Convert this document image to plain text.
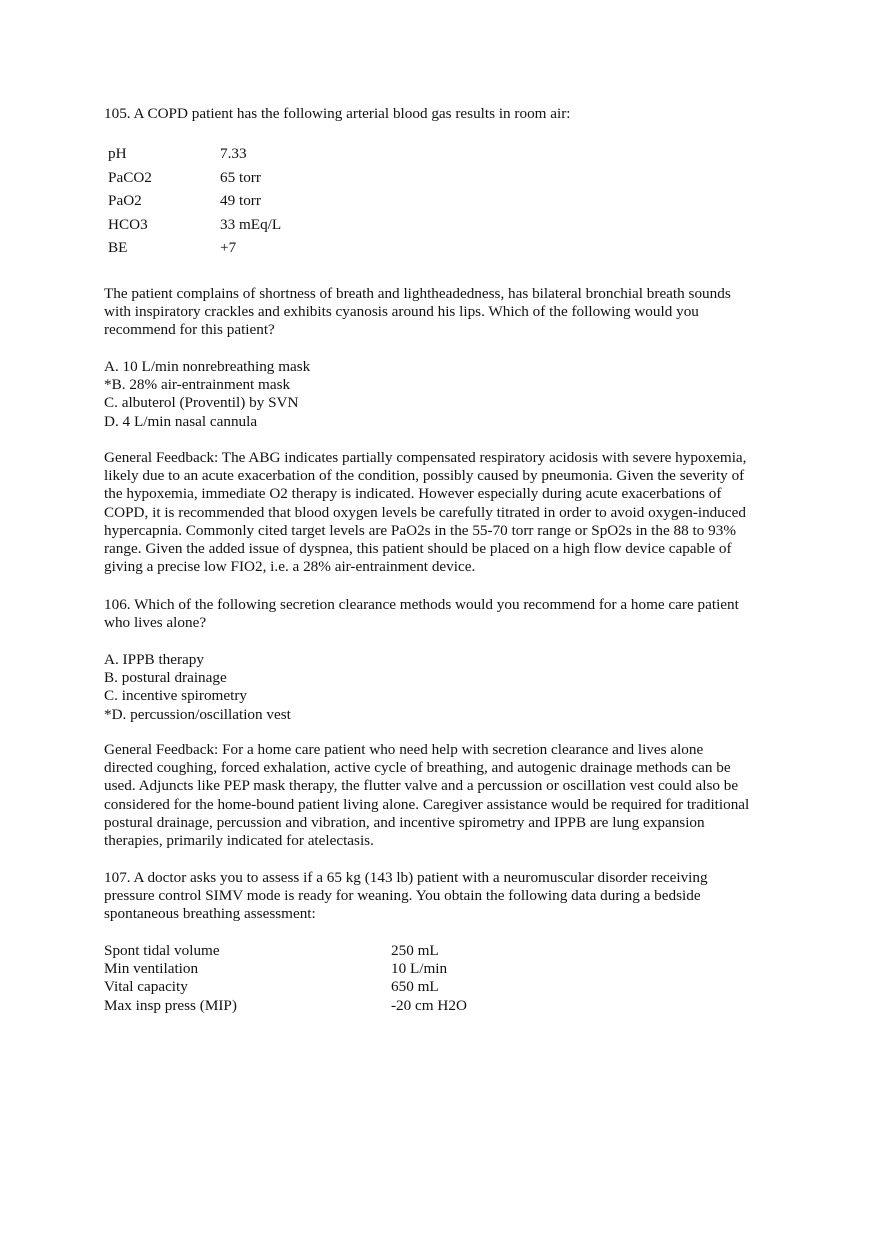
105. A COPD patient has the following arterial blood gas results in room air:

pH	7.33
PaCO2	65 torr
PaO2	49 torr
HCO3	33 mEq/L
BE	+7

The patient complains of shortness of breath and lightheadedness, has bilateral bronchial breath sounds

with inspiratory crackles and exhibits cyanosis around his lips. Which of the following would you

recommend for this patient?

A. 10 L/min nonrebreathing mask

*B. 28% air-entrainment mask

C. albuterol (Proventil) by SVN

D. 4 L/min nasal cannula

General Feedback: The ABG indicates partially compensated respiratory acidosis with severe hypoxemia,

likely due to an acute exacerbation of the condition, possibly caused by pneumonia. Given the severity of

the hypoxemia, immediate O2 therapy is indicated. However especially during acute exacerbations of

COPD, it is recommended that blood oxygen levels be carefully titrated in order to avoid oxygen-induced

hypercapnia. Commonly cited target levels are PaO2s in the 55-70 torr range or SpO2s in the 88 to 93%

range. Given the added issue of dyspnea, this patient should be placed on a high flow device capable of

giving a precise low FIO2, i.e. a 28% air-entrainment device.

106. Which of the following secretion clearance methods would you recommend for a home care patient

who lives alone?

A. IPPB therapy

B. postural drainage

C. incentive spirometry

*D. percussion/oscillation vest

General Feedback: For a home care patient who need help with secretion clearance and lives alone

directed coughing, forced exhalation, active cycle of breathing, and autogenic drainage methods can be

used. Adjuncts like PEP mask therapy, the flutter valve and a percussion or oscillation vest could also be

considered for the home-bound patient living alone. Caregiver assistance would be required for traditional

postural drainage, percussion and vibration, and incentive spirometry and IPPB are lung expansion

therapies, primarily indicated for atelectasis.

107. A doctor asks you to assess if a 65 kg (143 lb) patient with a neuromuscular disorder receiving

pressure control SIMV mode is ready for weaning. You obtain the following data during a bedside

spontaneous breathing assessment:

Spont tidal volume	250 mL
Min ventilation	10 L/min
Vital capacity	650 mL
Max insp press (MIP)	-20 cm H2O
